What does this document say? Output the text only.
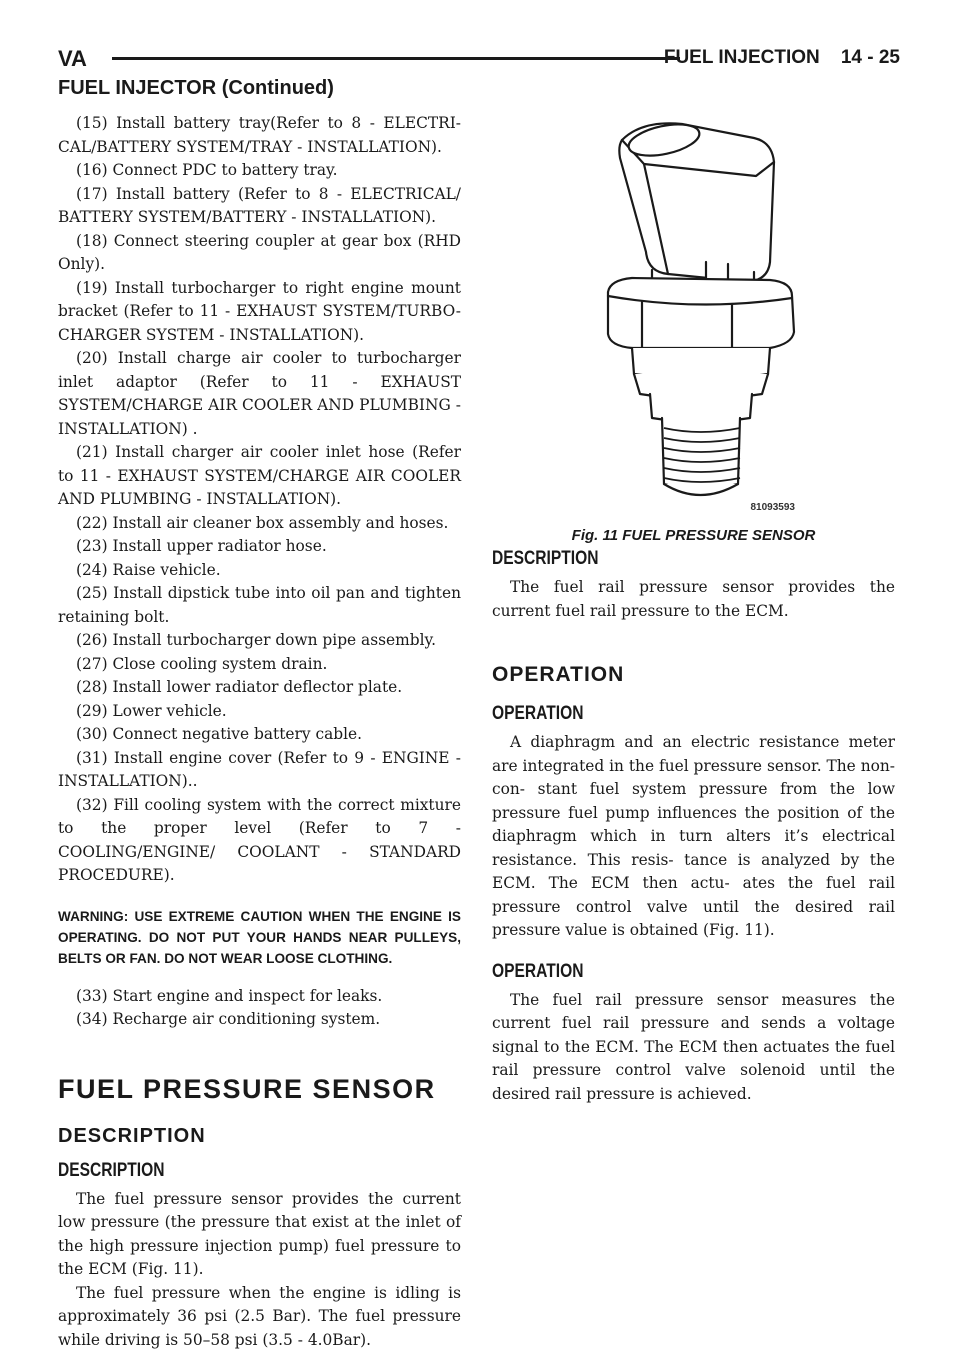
VA	FUEL INJECTION    14 - 25
FUEL INJECTOR (Continued)

(15) Install battery tray(Refer to 8 - ELECTRI- CAL/BATTERY SYSTEM/TRAY - INSTALLATION).

(16) Connect PDC to battery tray.

(17) Install battery (Refer to 8 - ELECTRICAL/ BATTERY SYSTEM/BATTERY - INSTALLATION).

(18) Connect steering coupler at gear box (RHD Only).

(19) Install turbocharger to right engine mount bracket (Refer to 11 - EXHAUST SYSTEM/TURBO- CHARGER SYSTEM - INSTALLATION).

(20) Install charge air cooler to turbocharger inlet adaptor (Refer to 11 - EXHAUST SYSTEM/CHARGE AIR COOLER AND PLUMBING - INSTALLATION) .

(21) Install charger air cooler inlet hose (Refer to 11 - EXHAUST SYSTEM/CHARGE AIR COOLER AND PLUMBING - INSTALLATION).

(22) Install air cleaner box assembly and hoses.

(23) Install upper radiator hose.

(24) Raise vehicle.

(25) Install dipstick tube into oil pan and tighten retaining bolt.

(26) Install turbocharger down pipe assembly.

(27) Close cooling system drain.

(28) Install lower radiator deflector plate.

(29) Lower vehicle.

(30) Connect negative battery cable.

(31) Install engine cover (Refer to 9 - ENGINE - INSTALLATION)..

(32) Fill cooling system with the correct mixture to the proper level (Refer to 7 - COOLING/ENGINE/ COOLANT - STANDARD PROCEDURE).

WARNING: USE EXTREME CAUTION WHEN THE ENGINE IS OPERATING. DO NOT PUT YOUR HANDS NEAR PULLEYS, BELTS OR FAN. DO NOT WEAR LOOSE CLOTHING.

(33) Start engine and inspect for leaks.

(34) Recharge air conditioning system.

FUEL PRESSURE SENSOR
DESCRIPTION
DESCRIPTION

The fuel pressure sensor provides the current low pressure (the pressure that exist at the inlet of the high pressure injection pump) fuel pressure to the ECM (Fig. 11).

The fuel pressure when the engine is idling is approximately 36 psi (2.5 Bar). The fuel pressure while driving is 50–58 psi (3.5 - 4.0Bar).

81093593
Fig. 11 FUEL PRESSURE SENSOR
DESCRIPTION

The fuel rail pressure sensor provides the current fuel rail pressure to the ECM.

OPERATION
OPERATION

A diaphragm and an electric resistance meter are integrated in the fuel pressure sensor. The non-con- stant fuel system pressure from the low pressure fuel pump influences the position of the diaphragm which in turn alters it’s electrical resistance. This resis- tance is analyzed by the ECM. The ECM then actu- ates the fuel rail pressure control valve until the desired rail pressure value is obtained (Fig. 11).

OPERATION

The fuel rail pressure sensor measures the current fuel rail pressure and sends a voltage signal to the ECM. The ECM then actuates the fuel rail pressure control valve solenoid until the desired rail pressure is achieved.
